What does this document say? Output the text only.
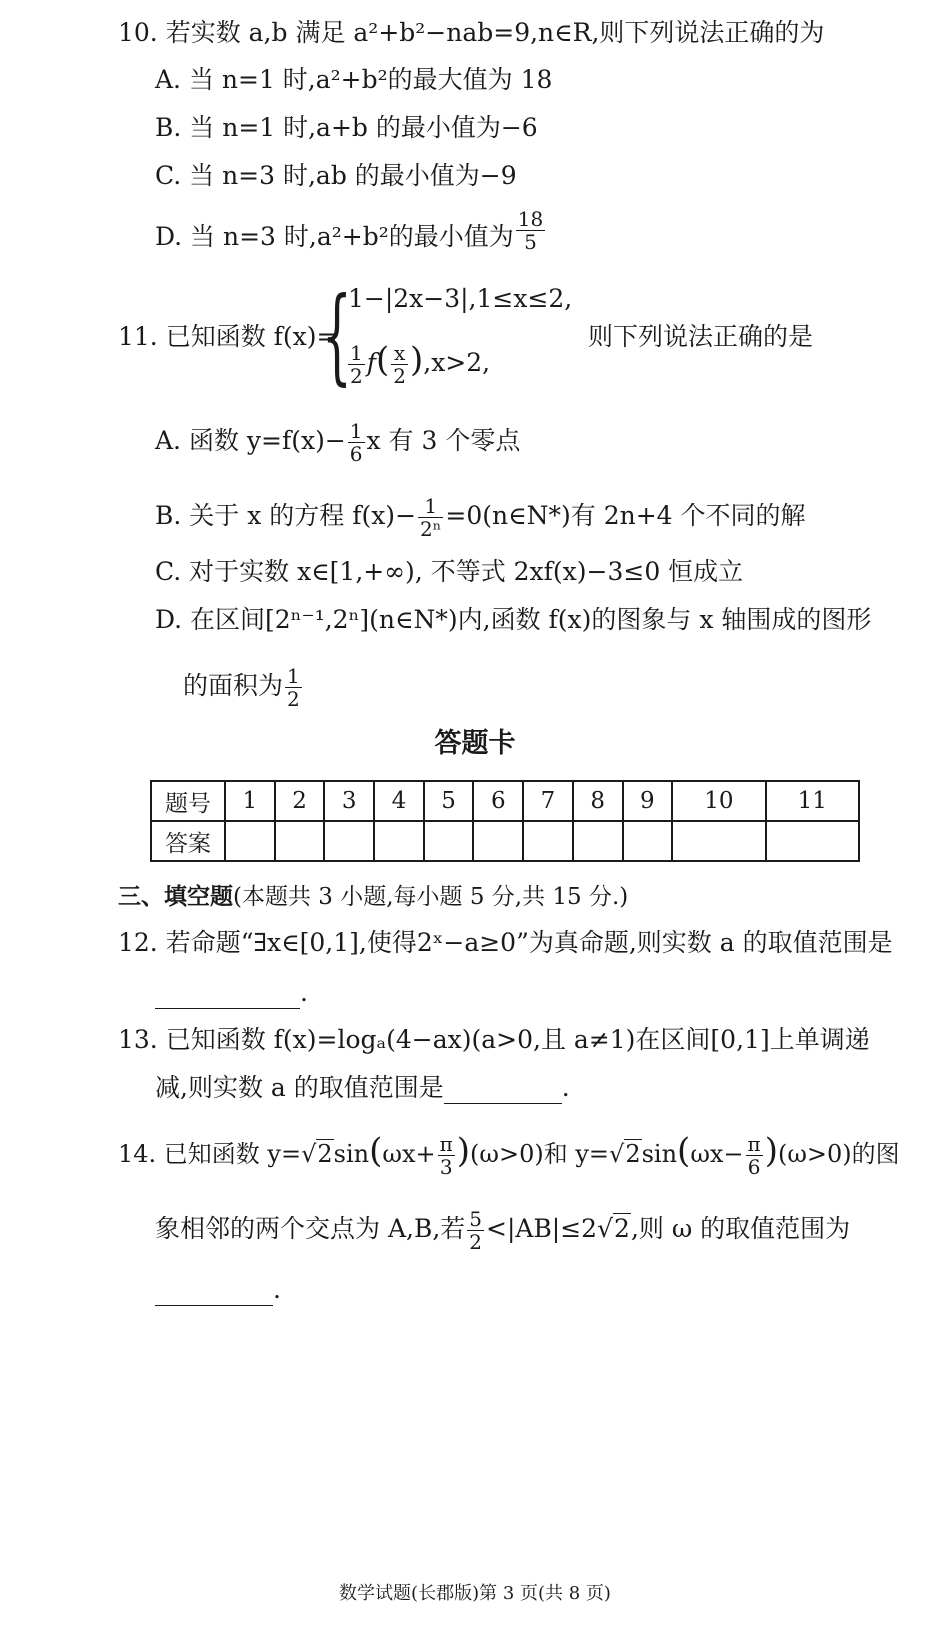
10. 若实数 a,b 满足 a²+b²−nab=9,n∈R,则下列说法正确的为
A. 当 n=1 时,a²+b²的最大值为 18
B. 当 n=1 时,a+b 的最小值为−6
C. 当 n=3 时,ab 的最小值为−9
D. 当 n=3 时,a²+b²的最小值为 $\frac{18}{5}$
11. 已知函数 f(x)=
{
1−|2x−3|,1≤x≤2,
$\frac{1}{2} f( \frac{x}{2} ),x>2$,
则下列说法正确的是
A. 函数 $y=f(x)- \frac{1}{6}$ x 有 3 个零点
B. 关于 x 的方程 $f(x)- \frac{1}{\text{2ⁿ}}$ =0(n∈N*)有 2n+4 个不同的解
C. 对于实数 x∈[1,+∞), 不等式 2xf(x)−3≤0 恒成立
D. 在区间[2ⁿ⁻¹,2ⁿ](n∈N*)内,函数 f(x)的图象与 x 轴围成的图形
的面积为 $\frac{1}{2}$
答题卡
题号	1	2	3	4	5	6	7	8	9	10	11
答案											
三、填空题(本题共 3 小题,每小题 5 分,共 15 分.)
12. 若命题“∃x∈[0,1],使得2ˣ−a≥0”为真命题,则实数 a 的取值范围是
.
13. 已知函数 f(x)=logₐ(4−ax)(a>0,且 a≠1)在区间[0,1]上单调递
减,则实数 a 的取值范围是	.
14. 已知函数 $y=√2\sin(\omega x+ \frac{\pi}{3} )(\omega>0)$和 $y=√2\sin(\omega x- \frac{\pi}{6} )(\omega>0)$的图
象相邻的两个交点为 A,B,若 $\frac{5}{2} <|AB|\le 2√2$,则 ω 的取值范围为
.
数学试题(长郡版)第 3 页(共 8 页)
